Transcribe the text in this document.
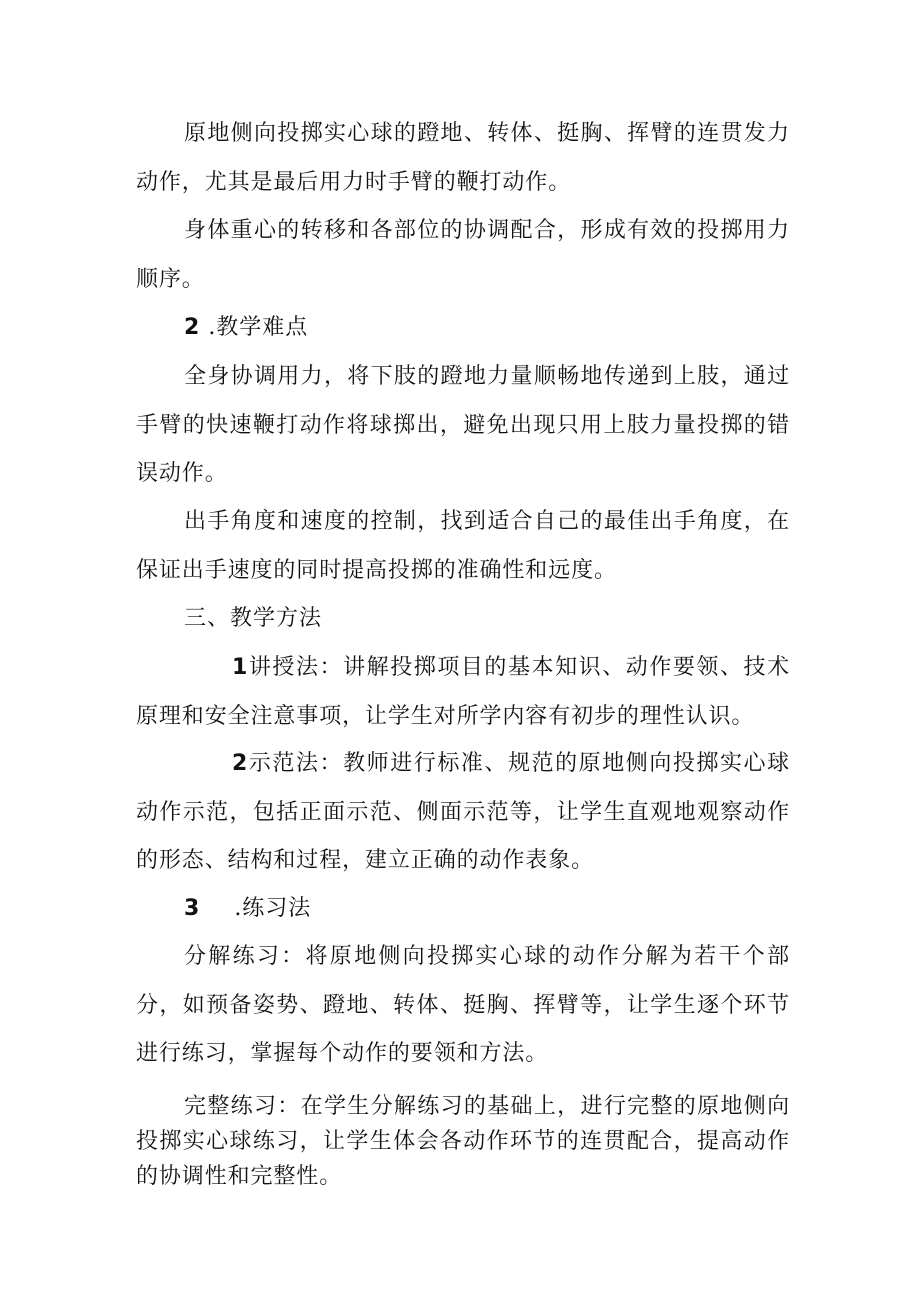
原地侧向投掷实心球的蹬地、转体、挺胸、挥臂的连贯发力动作，尤其是最后用力时手臂的鞭打动作。

身体重心的转移和各部位的协调配合，形成有效的投掷用力顺序。

2 .教学难点

全身协调用力，将下肢的蹬地力量顺畅地传递到上肢，通过手臂的快速鞭打动作将球掷出，避免出现只用上肢力量投掷的错误动作。

出手角度和速度的控制，找到适合自己的最佳出手角度，在保证出手速度的同时提高投掷的准确性和远度。

三、教学方法

1讲授法：讲解投掷项目的基本知识、动作要领、技术原理和安全注意事项，让学生对所学内容有初步的理性认识。

2示范法：教师进行标准、规范的原地侧向投掷实心球动作示范，包括正面示范、侧面示范等，让学生直观地观察动作的形态、结构和过程，建立正确的动作表象。

3 .练习法

分解练习：将原地侧向投掷实心球的动作分解为若干个部分，如预备姿势、蹬地、转体、挺胸、挥臂等，让学生逐个环节进行练习，掌握每个动作的要领和方法。

完整练习：在学生分解练习的基础上，进行完整的原地侧向投掷实心球练习，让学生体会各动作环节的连贯配合，提高动作的协调性和完整性。
